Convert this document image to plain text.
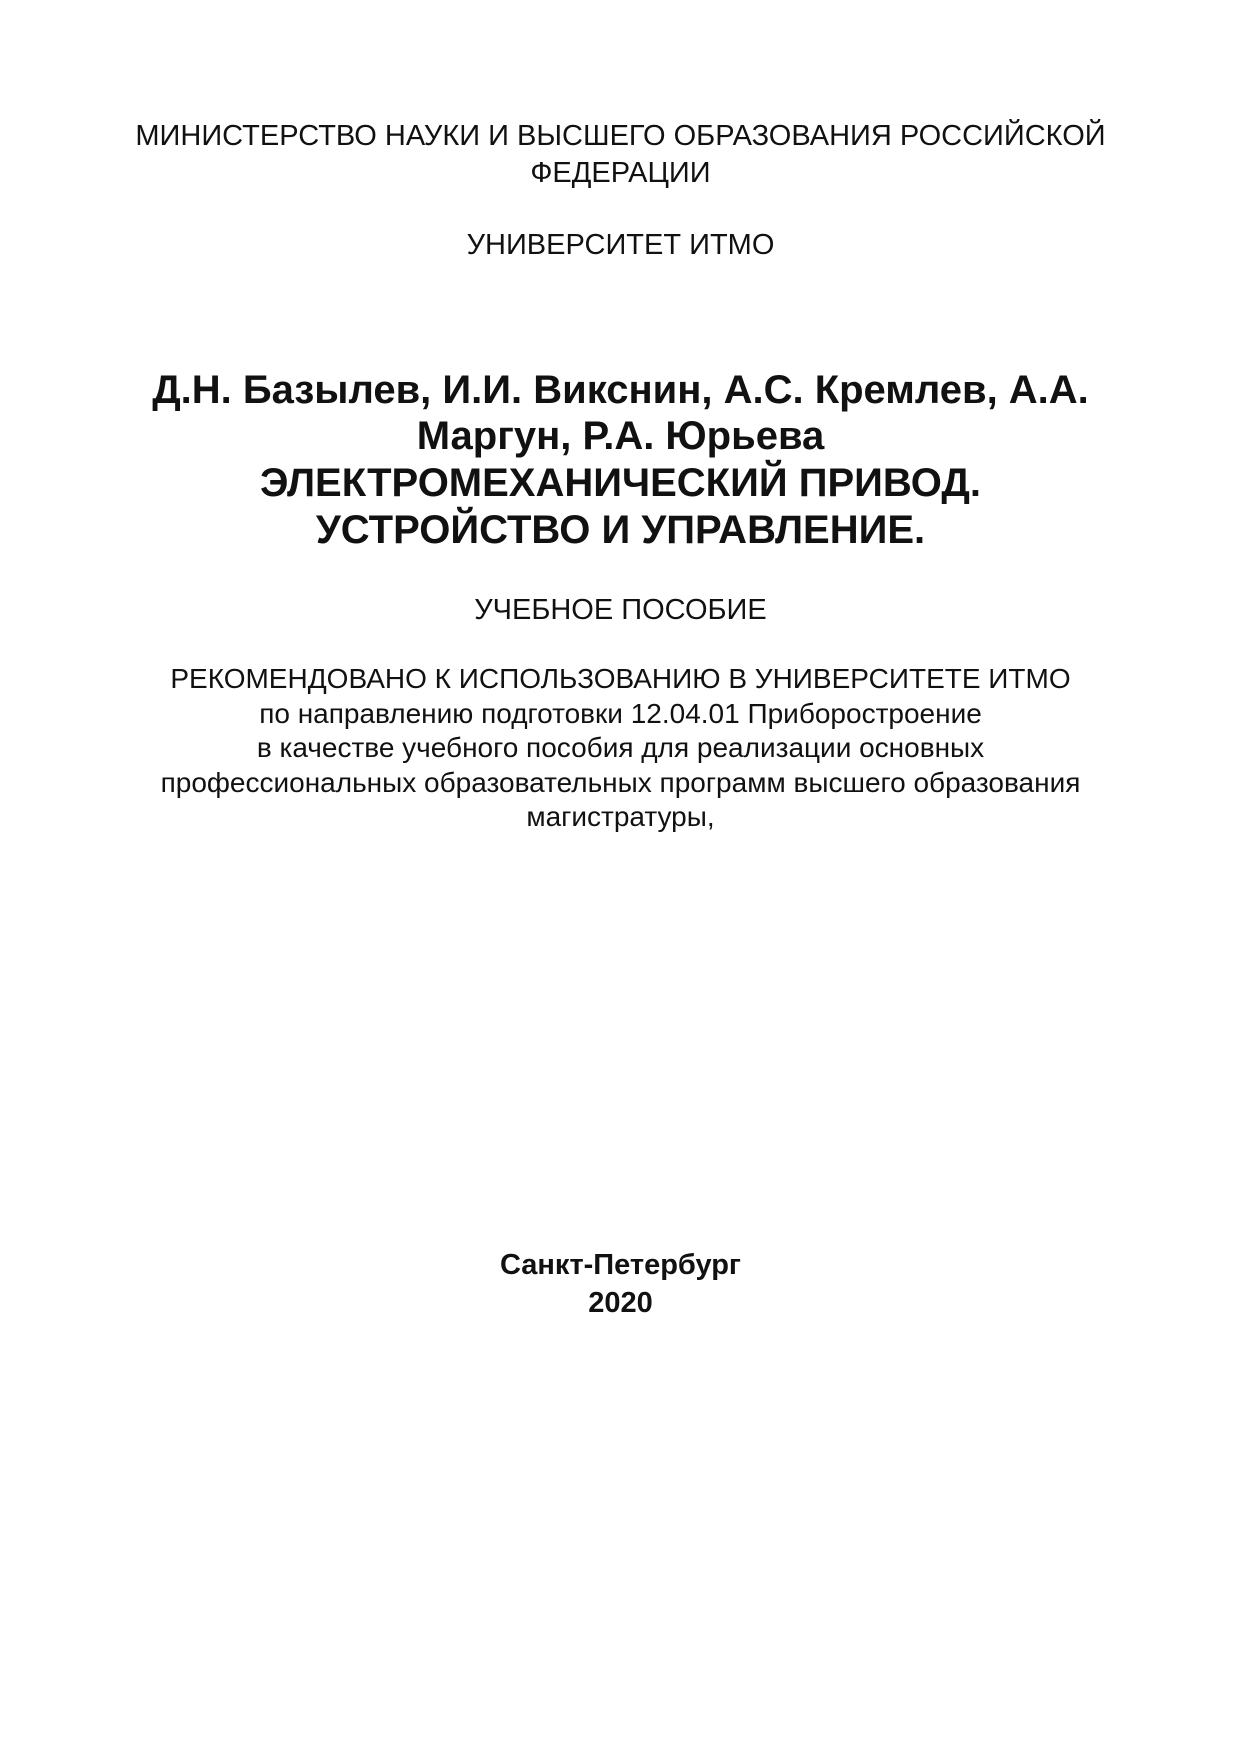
МИНИСТЕРСТВО НАУКИ И ВЫСШЕГО ОБРАЗОВАНИЯ РОССИЙСКОЙ
ФЕДЕРАЦИИ
УНИВЕРСИТЕТ ИТМО
Д.Н. Базылев, И.И. Викснин, А.С. Кремлев, А.А.
Маргун, Р.А. Юрьева
ЭЛЕКТРОМЕХАНИЧЕСКИЙ ПРИВОД.
УСТРОЙСТВО И УПРАВЛЕНИЕ.
УЧЕБНОЕ ПОСОБИЕ
РЕКОМЕНДОВАНО К ИСПОЛЬЗОВАНИЮ В УНИВЕРСИТЕТЕ ИТМО
по направлению подготовки 12.04.01 Приборостроение
в качестве учебного пособия для реализации основных
профессиональных образовательных программ высшего образования
магистратуры,
Санкт-Петербург
2020
